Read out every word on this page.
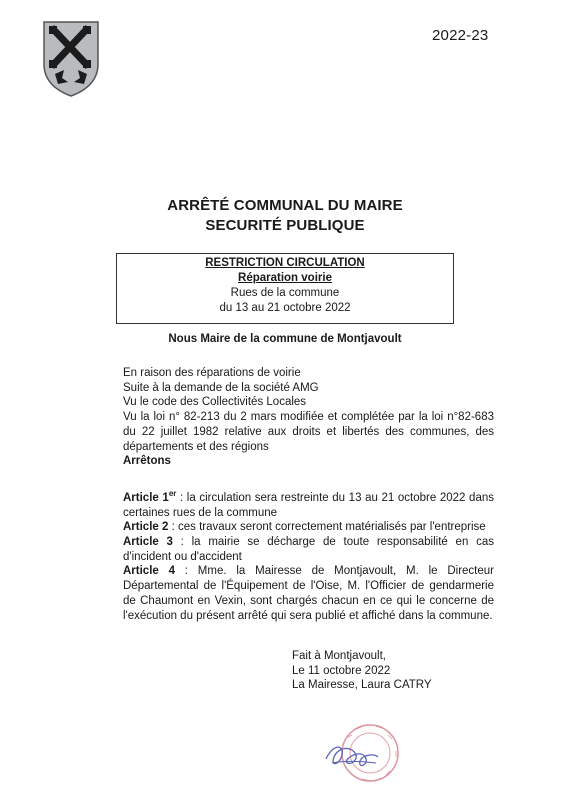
2022-23
ARRÊTÉ COMMUNAL DU MAIRE
SECURITÉ PUBLIQUE
RESTRICTION CIRCULATION
Réparation voirie
Rues de la commune
du 13 au 21 octobre 2022
Nous Maire de la commune de Montjavoult

En raison des réparations de voirie

Suite à la demande de la société AMG

Vu le code des Collectivités Locales

Vu la loi n° 82-213 du 2 mars modifiée et complétée par la loi n°82-683 du 22 juillet 1982 relative aux droits et libertés des communes, des départements et des régions

Arrêtons

Article 1er : la circulation sera restreinte du 13 au 21 octobre 2022 dans certaines rues de la commune

Article 2 : ces travaux seront correctement matérialisés par l'entreprise

Article 3 : la mairie se décharge de toute responsabilité en cas d'incident ou d'accident

Article 4 : Mme. la Mairesse de Montjavoult, M. le Directeur Départemental de l'Équipement de l'Oise, M. l'Officier de gendarmerie de Chaumont en Vexin, sont chargés chacun en ce qui le concerne de l'exécution du présent arrêté qui sera publié et affiché dans la commune.

Fait à Montjavoult,
Le 11 octobre 2022
La Mairesse, Laura CATRY
